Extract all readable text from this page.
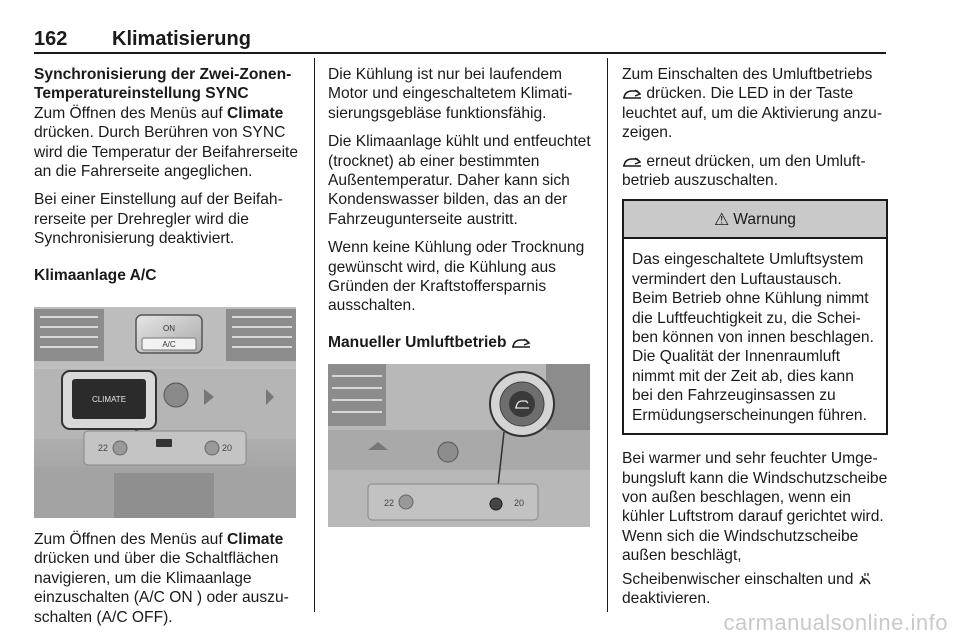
162 Klimatisierung

Synchronisierung der Zwei-Zonen-
Temperatureinstellung SYNC

Zum Öffnen des Menüs auf Climate
drücken. Durch Berühren von SYNC wird die Temperatur der Beifahrerseite an die Fahrerseite angeglichen.

Bei einer Einstellung auf der Beifahrerseite per Drehregler wird die Synchronisierung deaktiviert.

Klimaanlage A/C

ON
A/C
CLIMATE
22	20

Zum Öffnen des Menüs auf Climate
drücken und über die Schaltflächen navigieren, um die Klimaanlage einzuschalten (A/C ON ) oder auszuschalten (A/C OFF).

Die Kühlung ist nur bei laufendem Motor und eingeschaltetem Klimatisierungsgebläse funktionsfähig.

Die Klimaanlage kühlt und entfeuchtet (trocknet) ab einer bestimmten Außentemperatur. Daher kann sich Kondenswasser bilden, das an der Fahrzeugunterseite austritt.

Wenn keine Kühlung oder Trocknung gewünscht wird, die Kühlung aus Gründen der Kraftstoffersparnis ausschalten.

Manueller Umluftbetrieb

22	20

Zum Einschalten des Umluftbetriebs
drücken. Die LED in der Taste leuchtet auf, um die Aktivierung anzuzeigen.

erneut drücken, um den Umluftbetrieb auszuschalten.

⚠ Warnung
Das eingeschaltete Umluftsystem vermindert den Luftaustausch. Beim Betrieb ohne Kühlung nimmt die Luftfeuchtigkeit zu, die Scheiben können von innen beschlagen. Die Qualität der Innenraumluft nimmt mit der Zeit ab, dies kann bei den Fahrzeuginsassen zu Ermüdungserscheinungen führen.

Bei warmer und sehr feuchter Umgebungsluft kann die Windschutzscheibe von außen beschlagen, wenn ein kühler Luftstrom darauf gerichtet wird. Wenn sich die Windschutzscheibe außen beschlägt,

Scheibenwischer einschalten und
deaktivieren.

carmanualsonline.info
